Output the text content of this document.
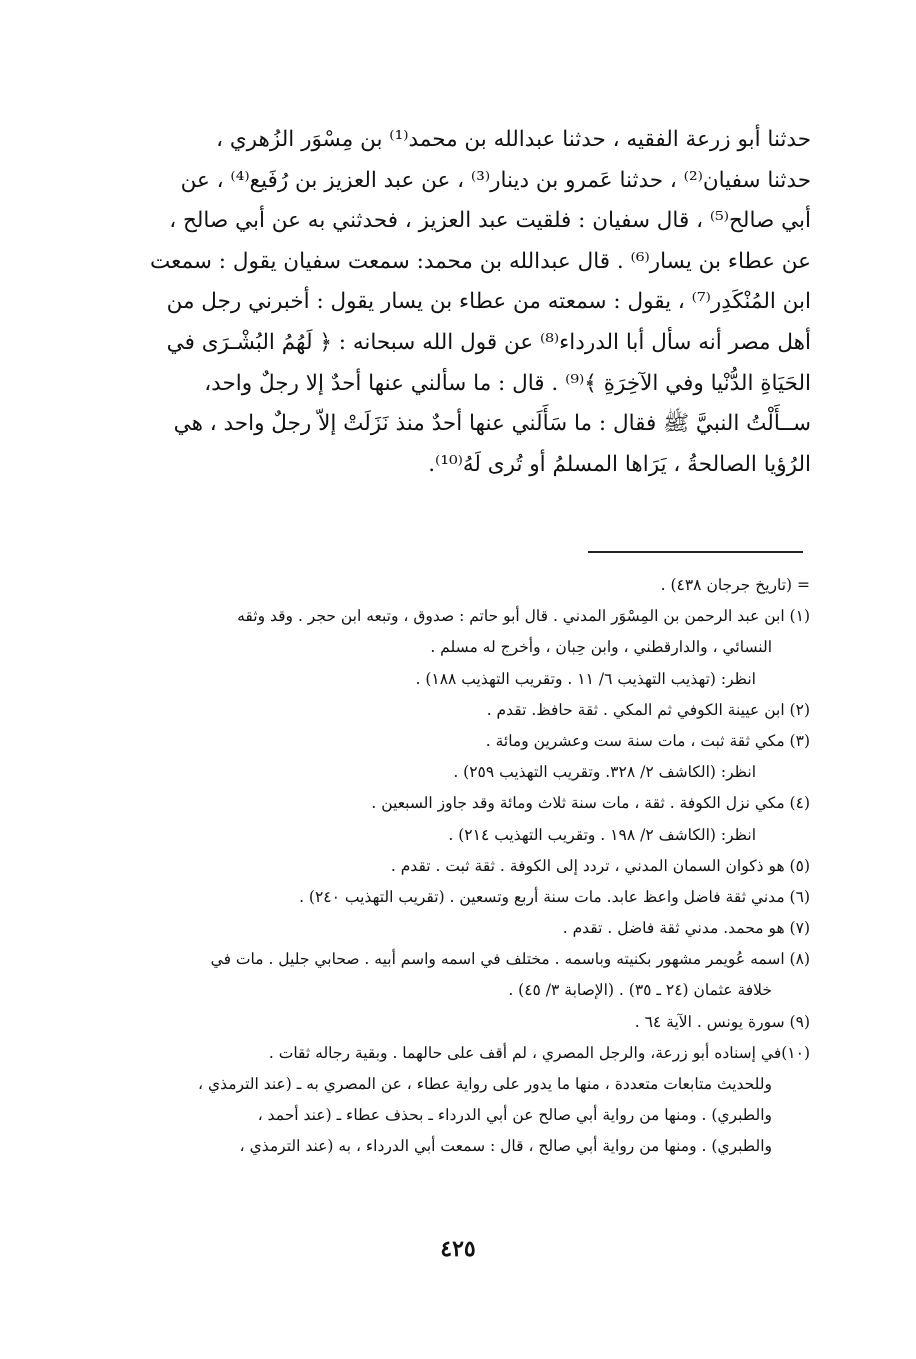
حدثنا أبو زرعة الفقيه ، حدثنا عبدالله بن محمد⁽¹⁾ بن مِسْوَر الزُهري ،
حدثنا سفيان⁽²⁾ ، حدثنا عَمرو بن دينار⁽³⁾ ، عن عبد العزيز بن رُفَيع⁽⁴⁾ ، عن
أبي صالح⁽⁵⁾ ، قال سفيان : فلقيت عبد العزيز ، فحدثني به عن أبي صالح ،
عن عطاء بن يسار⁽⁶⁾ . قال عبدالله بن محمد: سمعت سفيان يقول : سمعت
ابن المُنْكَدِر⁽⁷⁾ ، يقول : سمعته من عطاء بن يسار يقول : أخبرني رجل من
أهل مصر أنه سأل أبا الدرداء⁽⁸⁾ عن قول الله سبحانه : ﴿ لَهُمُ البُشْـرَى في
الحَيَاةِ الدُّنْيا وفي الآخِرَةِ ﴾⁽⁹⁾ . قال : ما سألني عنها أحدٌ إلا رجلٌ واحد،
ســأَلْتُ النبيَّ ﷺ فقال : ما سَأَلَني عنها أحدٌ منذ نَزَلَتْ إلاّ رجلٌ واحد ، هي
الرُؤيا الصالحةُ ، يَرَاها المسلمُ أو تُرى لَهُ⁽¹⁰⁾.
= (تاريخ جرجان ٤٣٨) .
(١) ابن عبد الرحمن بن المِسْوَر المدني . قال أبو حاتم : صدوق ، وتبعه ابن حجر . وقد وثقه
النسائي ، والدارقطني ، وابن حِبان ، وأخرج له مسلم .
انظر: (تهذيب التهذيب ٦/ ١١ . وتقريب التهذيب ١٨٨) .
(٢) ابن عيينة الكوفي ثم المكي . ثقة حافظ. تقدم .
(٣) مكي ثقة ثبت ، مات سنة ست وعشرين ومائة .
انظر: (الكاشف ٢/ ٣٢٨. وتقريب التهذيب ٢٥٩) .
(٤) مكي نزل الكوفة . ثقة ، مات سنة ثلاث ومائة وقد جاوز السبعين .
انظر: (الكاشف ٢/ ١٩٨ . وتقريب التهذيب ٢١٤) .
(٥) هو ذكوان السمان المدني ، تردد إلى الكوفة . ثقة ثبت . تقدم .
(٦) مدني ثقة فاضل واعظ عابد. مات سنة أربع وتسعين . (تقريب التهذيب ٢٤٠) .
(٧) هو محمد. مدني ثقة فاضل . تقدم .
(٨) اسمه عُويمر مشهور بكنيته وباسمه . مختلف في اسمه واسم أبيه . صحابي جليل . مات في
خلافة عثمان (٢٤ ـ ٣٥) . (الإصابة ٣/ ٤٥) .
(٩) سورة يونس . الآية ٦٤ .
(١٠)في إسناده أبو زرعة، والرجل المصري ، لم أقف على حالهما . وبقية رجاله ثقات .
وللحديث متابعات متعددة ، منها ما يدور على رواية عطاء ، عن المصري به ـ (عند الترمذي ،
والطبري) . ومنها من رواية أبي صالح عن أبي الدرداء ـ بحذف عطاء ـ (عند أحمد ،
والطبري) . ومنها من رواية أبي صالح ، قال : سمعت أبي الدرداء ، به (عند الترمذي ،
٤٢٥
